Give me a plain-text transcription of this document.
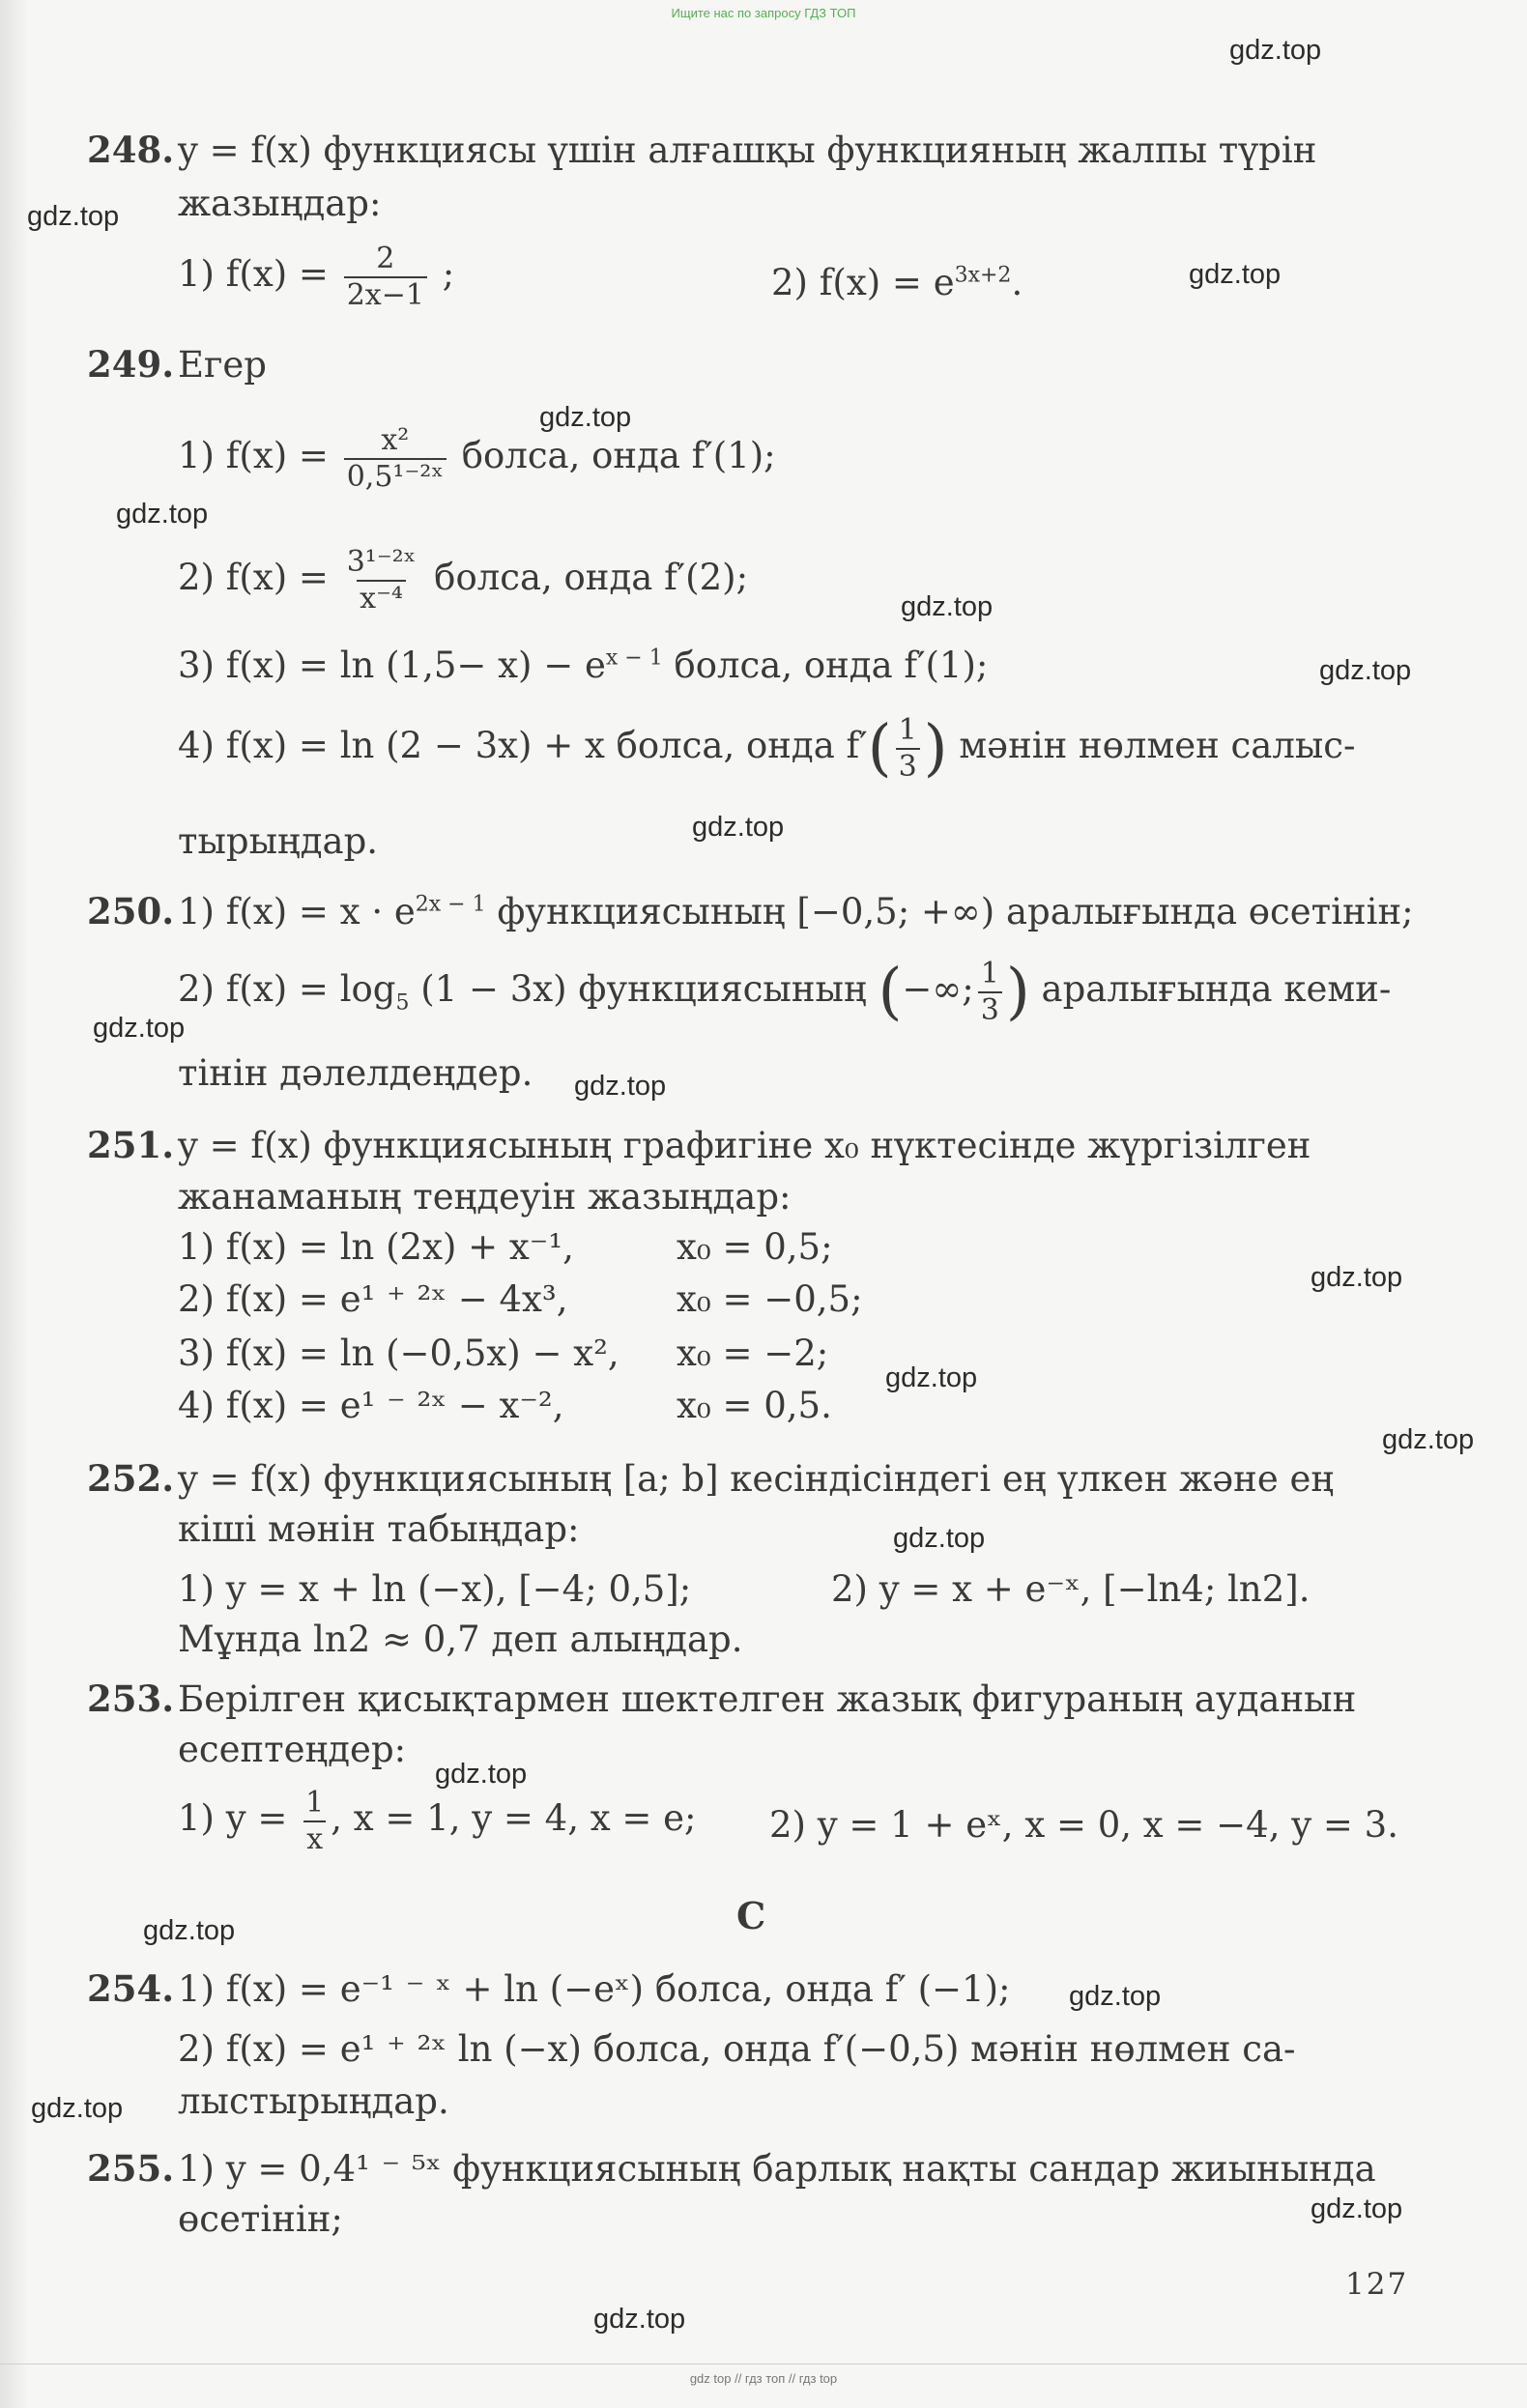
Ищите нас по запросу ГДЗ ТОП
gdz.top
gdz.top
gdz.top
gdz.top
gdz.top
gdz.top
gdz.top
gdz.top
gdz.top
gdz.top
gdz.top
gdz.top
gdz.top
gdz.top
gdz.top
gdz.top
gdz.top
gdz.top
gdz.top
gdz.top
248. y = f(x) функциясы үшін алғашқы функцияның жалпы түрін
жазыңдар:
1) $f(x) = \frac{2}{2x-1}$ ;	2) $f(x) = e^{3x+2}$.
249. Егер
1) $f(x) = \frac{\text{x²}}{\text{0,5¹⁻²ˣ}}$ болса, онда f′(1);
2) $f(x) = \frac{\text{3¹⁻²ˣ}}{\text{x⁻⁴}}$ болса, онда f′(2);
3) $f(x) = \ln (1,5- x) - e^{x - 1}$ болса, онда f′(1);
4) f(x) = ln (2 − 3x) + x болса, онда $f'( \frac{1}{3}$ ) мәнін нөлмен салыс-
тырыңдар.
250. 1) $f(x) = x \cdot e^{2x - 1}$ функциясының [−0,5; +∞) аралығында өсетінін;
2) $f(x) = \log_5 (1 - 3x)$ функциясының (−∞; $\frac{1}{3}$ ) аралығында кеми-
тінін дәлелдеңдер.
251. y = f(x) функциясының графигіне x₀ нүктесінде жүргізілген
жанаманың теңдеуін жазыңдар:
1) f(x) = ln (2x) + x⁻¹,	x₀ = 0,5;
2) f(x) = e¹ ⁺ ²ˣ − 4x³,	x₀ = −0,5;
3) f(x) = ln (−0,5x) − x², x₀ = −2;
4) f(x) = e¹ ⁻ ²ˣ − x⁻²,	x₀ = 0,5.
252. y = f(x) функциясының [a; b] кесіндісіндегі ең үлкен және ең
кіші мәнін табыңдар:
1) y = x + ln (−x), [−4; 0,5];	2) y = x + e⁻ˣ, [−ln4; ln2].
Мұнда ln2 ≈ 0,7 деп алыңдар.
253. Берілген қисықтармен шектелген жазық фигураның ауданын
есептеңдер:
1) $y = \frac{1}{x}$ , x = 1, y = 4, x = e; 2) y = 1 + eˣ, x = 0, x = −4, y = 3.
C
254. 1) f(x) = e⁻¹ ⁻ ˣ + ln (−eˣ) болса, онда f′ (−1);
2) f(x) = e¹ ⁺ ²ˣ ln (−x) болса, онда f′(−0,5) мәнін нөлмен са-
лыстырыңдар.
255. 1) y = 0,4¹ ⁻ ⁵ˣ функциясының барлық нақты сандар жиынында
өсетінін;
127
gdz top // гдз топ // гдз top
